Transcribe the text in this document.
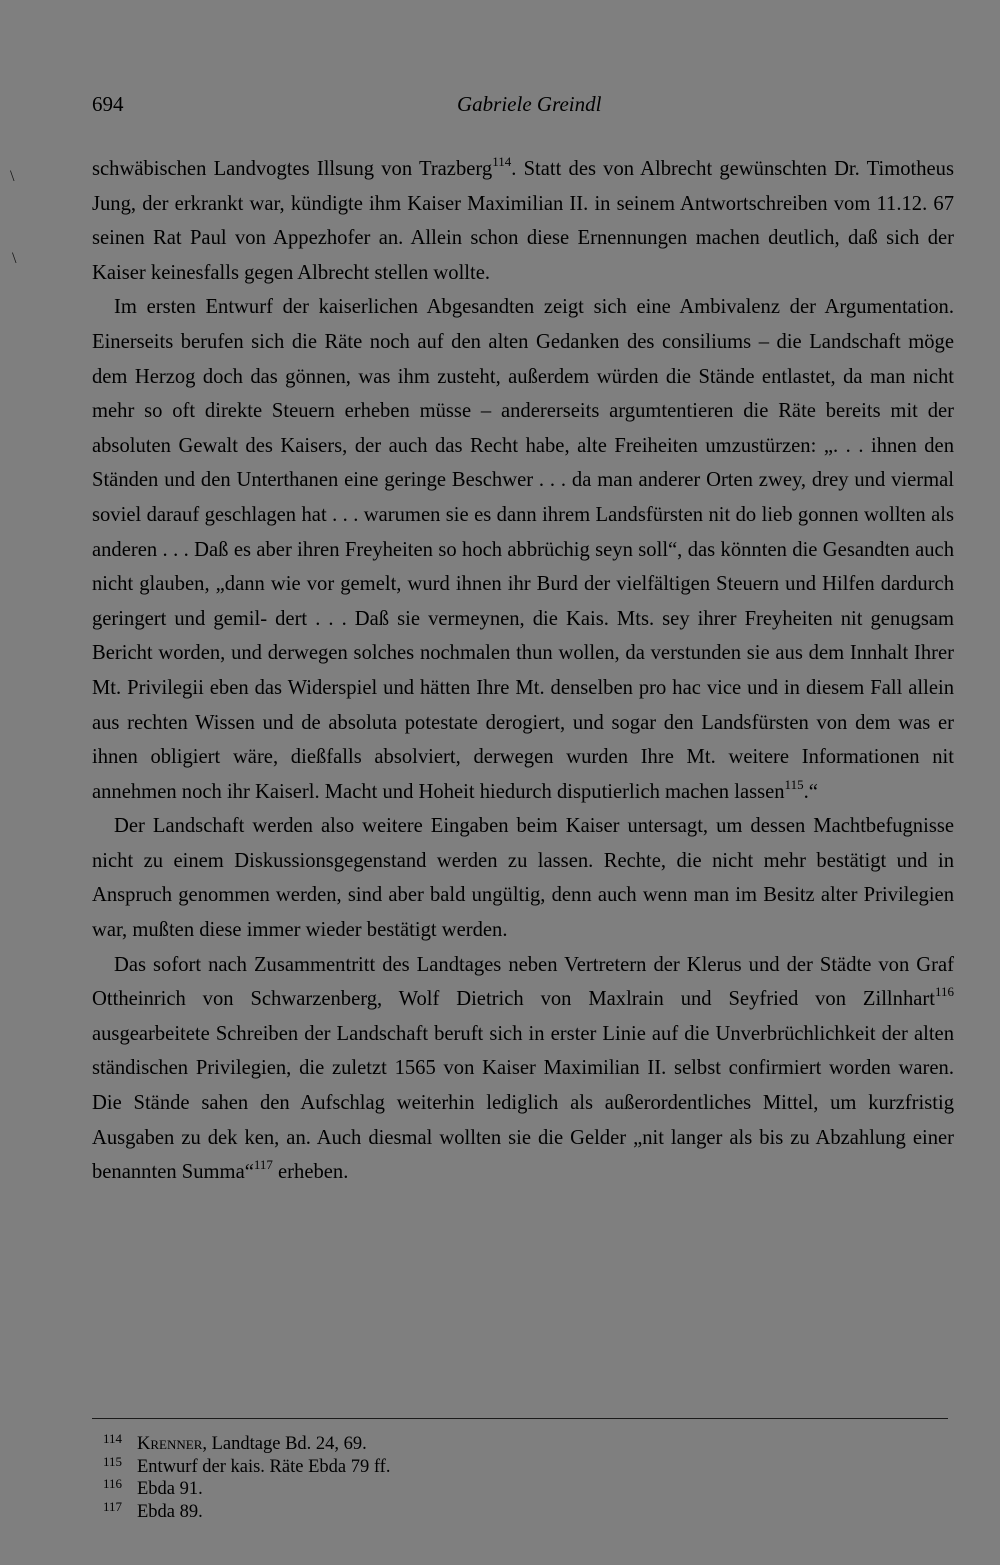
694	Gabriele Greindl
\
\

schwäbischen Landvogtes Illsung von Trazberg$^{114}$. Statt des von Albrecht gewünschten Dr. Timotheus Jung, der erkrankt war, kündigte ihm Kaiser Maximilian II. in seinem Antwortschreiben vom 11.12. 67 seinen Rat Paul von Appezhofer an. Allein schon diese Ernennungen machen deutlich, daß sich der Kaiser keinesfalls gegen Albrecht stellen wollte.

Im ersten Entwurf der kaiserlichen Abgesandten zeigt sich eine Ambivalenz der Argumentation. Einerseits berufen sich die Räte noch auf den alten Gedanken des consiliums – die Landschaft möge dem Herzog doch das gönnen, was ihm zusteht, außerdem würden die Stände entlastet, da man nicht mehr so oft direkte Steuern erheben müsse – andererseits argumtentieren die Räte bereits mit der absoluten Gewalt des Kaisers, der auch das Recht habe, alte Freiheiten umzustürzen: „. . . ihnen den Ständen und den Unterthanen eine geringe Beschwer . . . da man anderer Orten zwey, drey und viermal soviel darauf geschlagen hat . . . warumen sie es dann ihrem Landsfürsten nit do lieb gonnen wollten als anderen . . . Daß es aber ihren Freyheiten so hoch abbrüchig seyn soll“, das könnten die Gesandten auch nicht glauben, „dann wie vor gemelt, wurd ihnen ihr Burd der vielfältigen Steuern und Hilfen dardurch geringert und gemil- dert . . . Daß sie vermeynen, die Kais. Mts. sey ihrer Freyheiten nit genugsam Bericht worden, und derwegen solches nochmalen thun wollen, da verstunden sie aus dem Innhalt Ihrer Mt. Privilegii eben das Widerspiel und hätten Ihre Mt. denselben pro hac vice und in diesem Fall allein aus rechten Wissen und de absoluta potestate derogiert, und sogar den Landsfürsten von dem was er ihnen obligiert wäre, dießfalls absolviert, derwegen wurden Ihre Mt. weitere Informationen nit annehmen noch ihr Kaiserl. Macht und Hoheit hiedurch disputierlich machen lassen$^{115}$.“

Der Landschaft werden also weitere Eingaben beim Kaiser untersagt, um dessen Machtbefugnisse nicht zu einem Diskussionsgegenstand werden zu lassen. Rechte, die nicht mehr bestätigt und in Anspruch genommen werden, sind aber bald ungültig, denn auch wenn man im Besitz alter Privilegien war, mußten diese immer wieder bestätigt werden.

Das sofort nach Zusammentritt des Landtages neben Vertretern der Klerus und der Städte von Graf Ottheinrich von Schwarzenberg, Wolf Dietrich von Maxlrain und Seyfried von Zillnhart$^{116}$ ausgearbeitete Schreiben der Landschaft beruft sich in erster Linie auf die Unverbrüchlichkeit der alten ständischen Privilegien, die zuletzt 1565 von Kaiser Maximilian II. selbst confirmiert worden waren. Die Stände sahen den Aufschlag weiterhin lediglich als außerordentliches Mittel, um kurzfristig Ausgaben zu dek ken, an. Auch diesmal wollten sie die Gelder „nit langer als bis zu Abzahlung einer benannten Summa“$^{117}$ erheben.

114 Krenner, Landtage Bd. 24, 69.
115 Entwurf der kais. Räte Ebda 79 ff.
116 Ebda 91.
117 Ebda 89.
